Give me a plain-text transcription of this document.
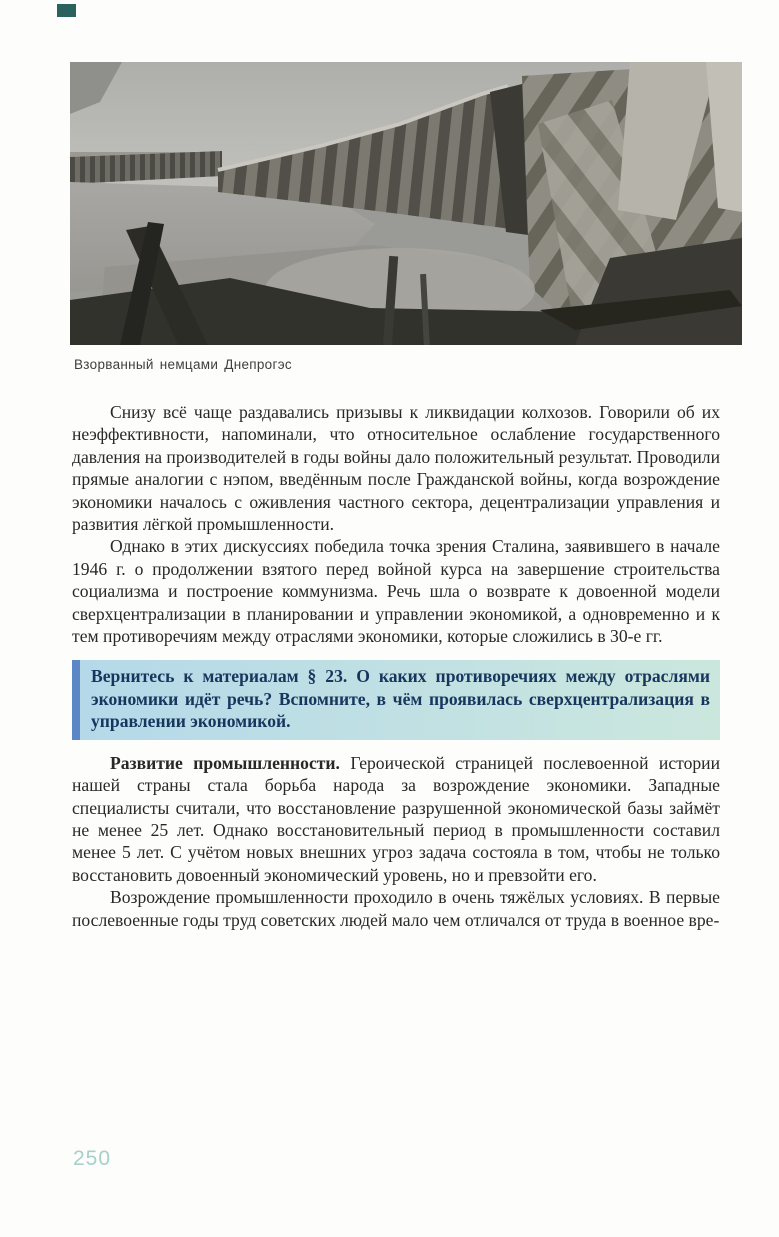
Взорванный немцами Днепрогэс

Снизу всё чаще раздавались призывы к ликвидации колхозов. Говорили об их неэффективности, напоминали, что относительное ослабление государственного давления на производителей в годы войны дало положительный результат. Проводили прямые аналогии с нэпом, введённым после Гражданской войны, когда возрождение экономики началось с оживления частного сектора, децентрализации управления и развития лёгкой промышленности.

Однако в этих дискуссиях победила точка зрения Сталина, заявившего в начале 1946 г. о продолжении взятого перед войной курса на завершение строительства социализма и построение коммунизма. Речь шла о возврате к довоенной модели сверхцентрализации в планировании и управлении экономикой, а одновременно и к тем противоречиям между отраслями экономики, которые сложились в 30-е гг.

Вернитесь к материалам § 23. О каких противоречиях между отраслями экономики идёт речь? Вспомните, в чём проявилась сверхцентрализация в управлении экономикой.

Развитие промышленности. Героической страницей послевоенной истории нашей страны стала борьба народа за возрождение экономики. Западные специалисты считали, что восстановление разрушенной экономической базы займёт не менее 25 лет. Однако восстановительный период в промышленности составил менее 5 лет. С учётом новых внешних угроз задача состояла в том, чтобы не только восстановить довоенный экономический уровень, но и превзойти его.

Возрождение промышленности проходило в очень тяжёлых условиях. В первые послевоенные годы труд советских людей мало чем отличался от труда в военное вре-

250
